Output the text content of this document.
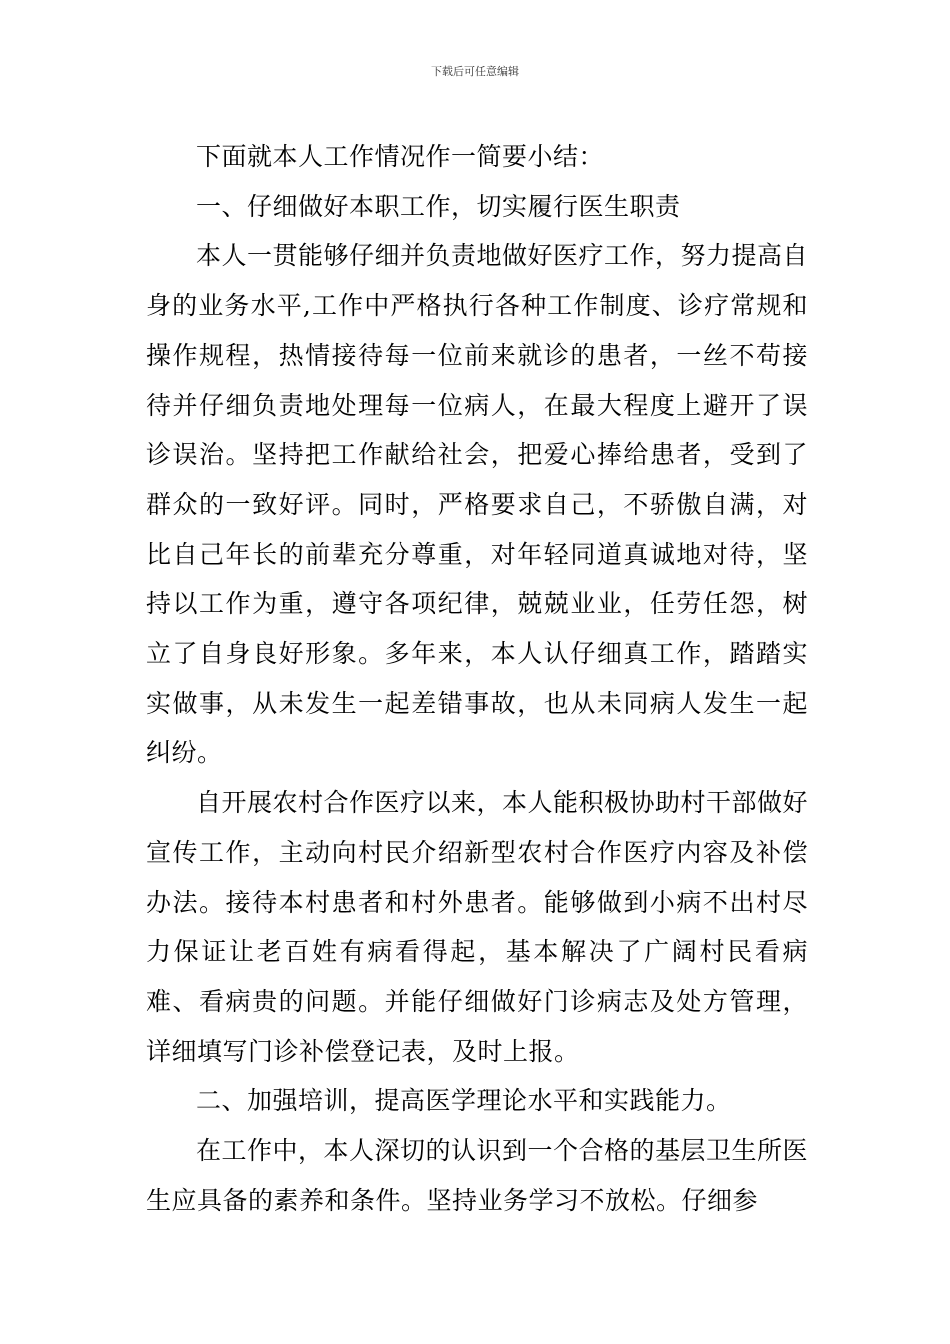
下载后可任意编辑

下面就本人工作情况作一简要小结：

一、仔细做好本职工作，切实履行医生职责

本人一贯能够仔细并负责地做好医疗工作，努力提高自身的业务水平,工作中严格执行各种工作制度、诊疗常规和操作规程，热情接待每一位前来就诊的患者，一丝不苟接待并仔细负责地处理每一位病人，在最大程度上避开了误诊误治。坚持把工作献给社会，把爱心捧给患者，受到了群众的一致好评。同时，严格要求自己，不骄傲自满，对比自己年长的前辈充分尊重，对年轻同道真诚地对待，坚持以工作为重，遵守各项纪律，兢兢业业，任劳任怨，树立了自身良好形象。多年来，本人认仔细真工作，踏踏实实做事，从未发生一起差错事故，也从未同病人发生一起纠纷。

自开展农村合作医疗以来，本人能积极协助村干部做好宣传工作，主动向村民介绍新型农村合作医疗内容及补偿办法。接待本村患者和村外患者。能够做到小病不出村尽力保证让老百姓有病看得起，基本解决了广阔村民看病难、看病贵的问题。并能仔细做好门诊病志及处方管理，详细填写门诊补偿登记表，及时上报。

二、加强培训，提高医学理论水平和实践能力。

在工作中，本人深切的认识到一个合格的基层卫生所医生应具备的素养和条件。坚持业务学习不放松。仔细参
